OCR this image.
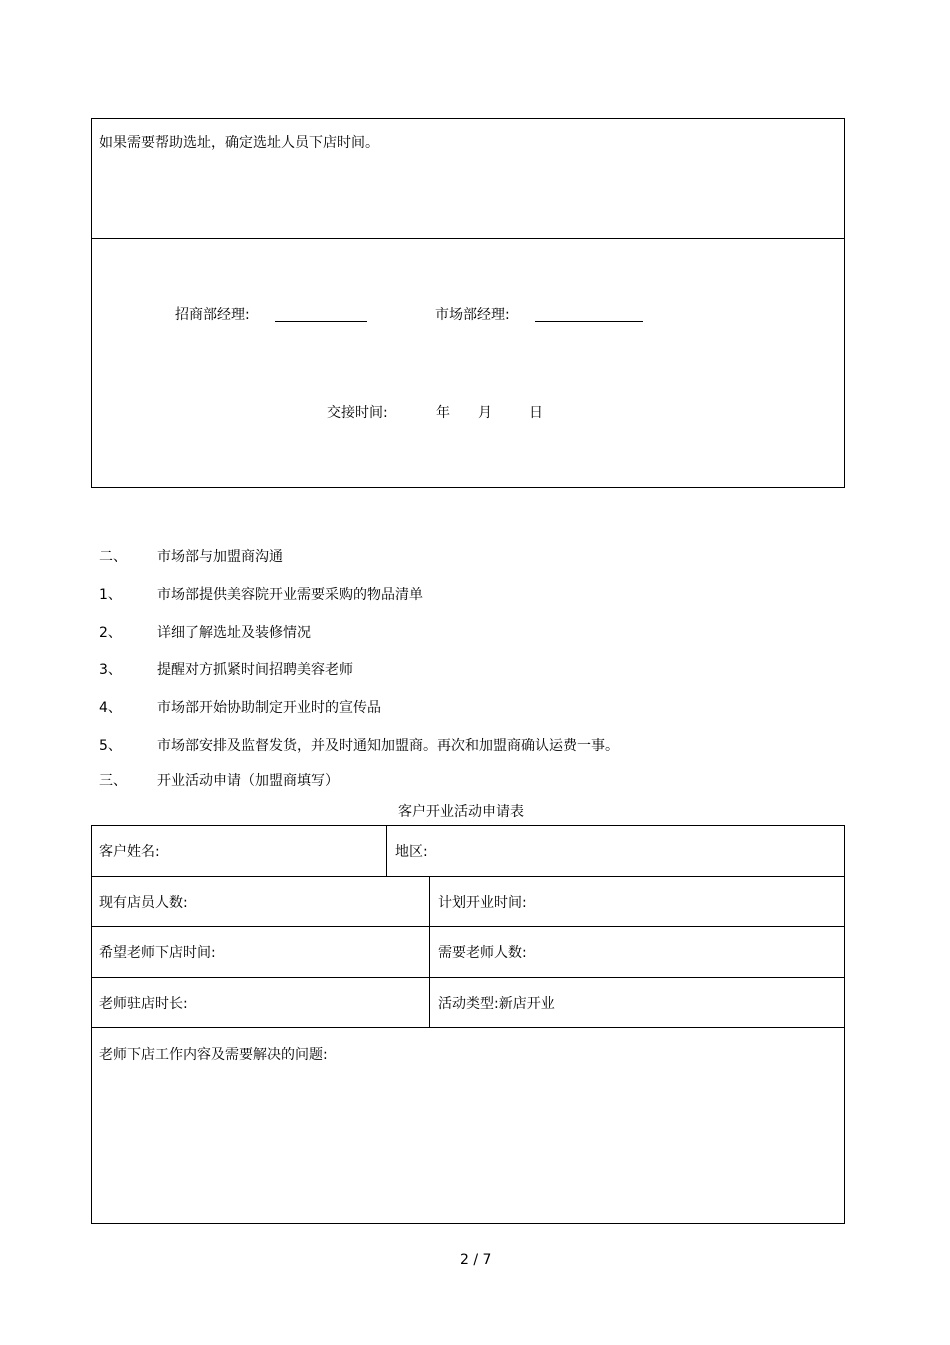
如果需要帮助选址，确定选址人员下店时间。
招商部经理:	市场部经理:
交接时间:	年 月	日
二、 市场部与加盟商沟通
1、	市场部提供美容院开业需要采购的物品清单
2、	详细了解选址及装修情况
3、	提醒对方抓紧时间招聘美容老师
4、	市场部开始协助制定开业时的宣传品
5、	市场部安排及监督发货，并及时通知加盟商。再次和加盟商确认运费一事。
三、 开业活动申请（加盟商填写）
客户开业活动申请表
客户姓名:	地区:
现有店员人数:	计划开业时间:
希望老师下店时间:	需要老师人数:
老师驻店时长:	活动类型:新店开业
老师下店工作内容及需要解决的问题:
2 / 7
